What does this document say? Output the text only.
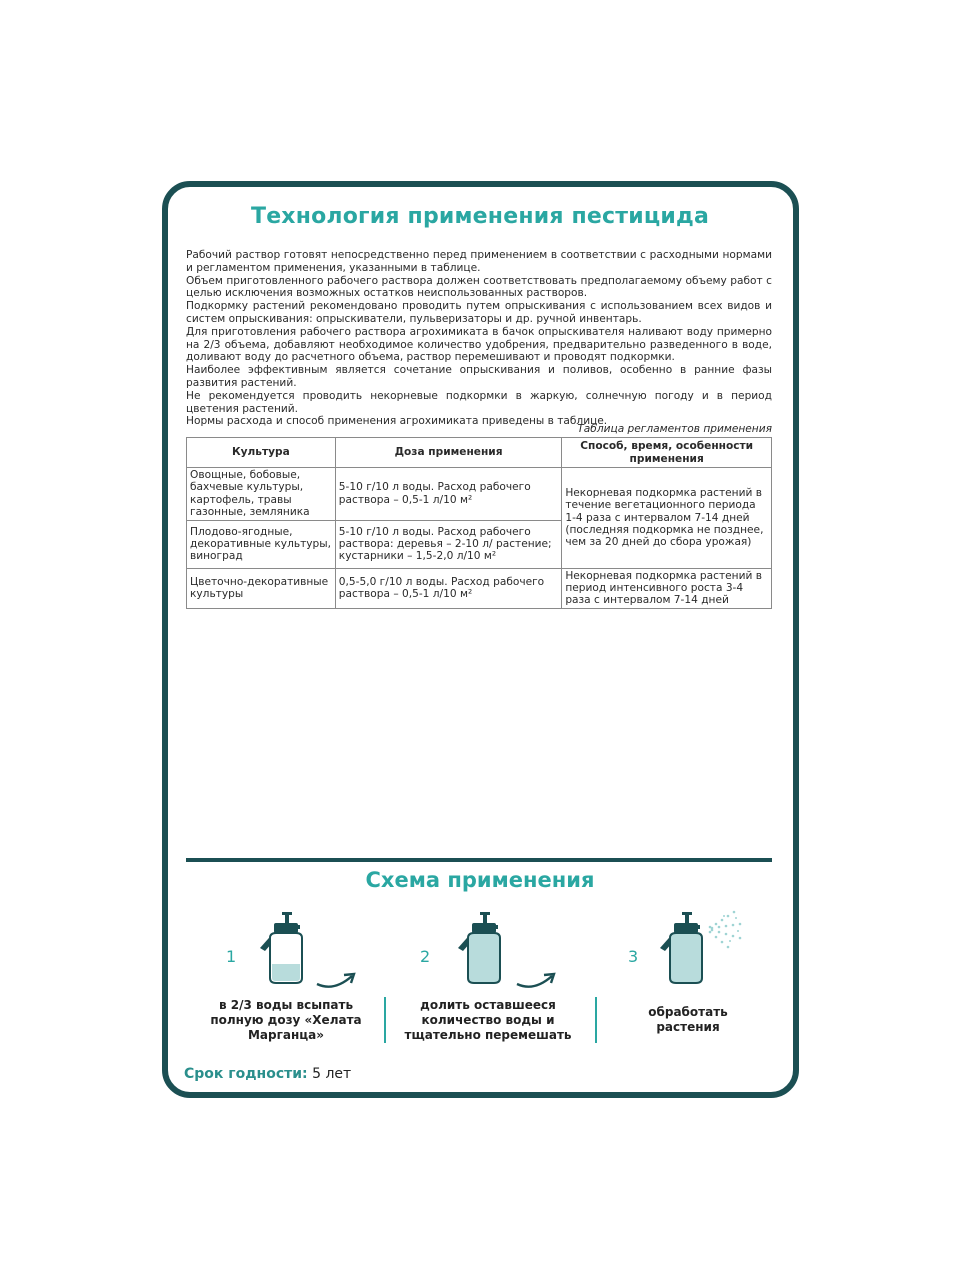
Технология применения пестицида

Рабочий раствор готовят непосредственно перед применением в соответствии с расходными нормами и регламентом применения, указанными в таблице.

Объем приготовленного рабочего раствора должен соответствовать предполагаемому объему работ с целью исключения возможных остатков неиспользованных растворов.

Подкормку растений рекомендовано проводить путем опрыскивания с использованием всех видов и систем опрыскивания: опрыскиватели, пульверизаторы и др. ручной инвентарь.

Для приготовления рабочего раствора агрохимиката в бачок опрыскивателя наливают воду примерно на 2/3 объема, добавляют необходимое количество удобрения, предварительно разведенного в воде, доливают воду до расчетного объема, раствор перемешивают и проводят подкормки.

Наиболее эффективным является сочетание опрыскивания и поливов, особенно в ранние фазы развития растений.

Не рекомендуется проводить некорневые подкормки в жаркую, солнечную погоду и в период цветения растений.

Нормы расхода и способ применения агрохимиката приведены в таблице.

Таблица регламентов применения
Культура	Доза применения	Способ, время, особенности применения
Овощные, бобовые, бахчевые культуры, картофель, травы газонные, земляника	5-10 г/10 л воды. Расход рабочего раствора – 0,5-1 л/10 м²	Некорневая подкормка растений в течение вегетационного периода 1-4 раза с интервалом 7-14 дней (последняя подкормка не позднее, чем за 20 дней до сбора урожая)
Плодово-ягодные, декоративные культуры, виноград	5-10 г/10 л воды. Расход рабочего раствора: деревья – 2-10 л/ растение; кустарники – 1,5-2,0 л/10 м²	
Цветочно-декоративные культуры	0,5-5,0 г/10 л воды. Расход рабочего раствора – 0,5-1 л/10 м²	Некорневая подкормка растений в период интенсивного роста 3-4 раза с интервалом 7-14 дней
Схема применения
1
в 2/3 воды всыпать полную дозу «Хелата Марганца»
2
долить оставшееся количество воды и тщательно перемешать
3
обработать растения
Срок годности: 5 лет
